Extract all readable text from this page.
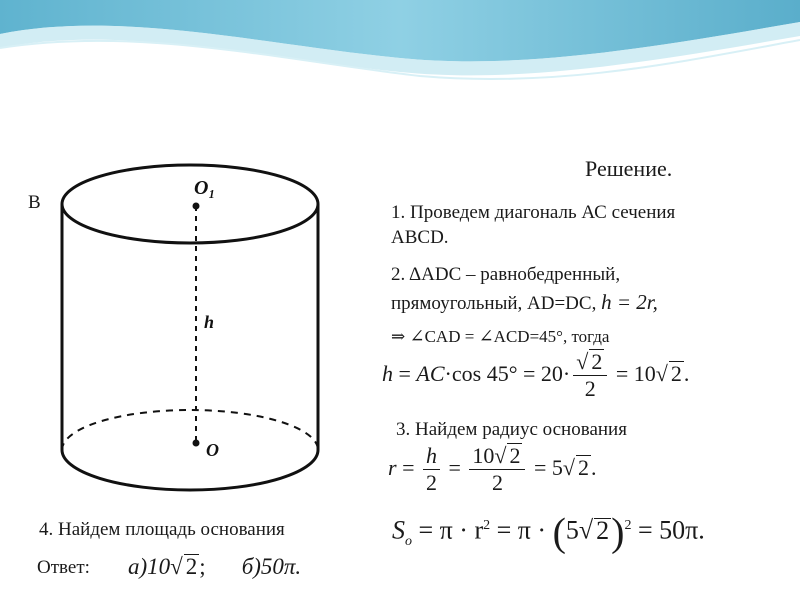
O₁
h
O
B
Решение.
1. Проведем диагональ АС сечения
ABCD.
2. ΔADC – равнобедренный,
прямоугольный, AD=DC, h = 2r,
⇒ ∠CAD = ∠ACD=45°, тогда
h = AC·cos $45^\circ = 20\cdot \frac{√ 2}{2} = 10√$ 2.
3. Найдем радиус основания
$r = \frac{h}{2} = \frac{10√ 2}{2} = 5√$ 2.
$S_o = \pi \cdot r^2 = \pi \cdot (5√$ 2)$^2$ = 50π.
4. Найдем площадь основания
Ответ: а)10√ 2; б)50π.
